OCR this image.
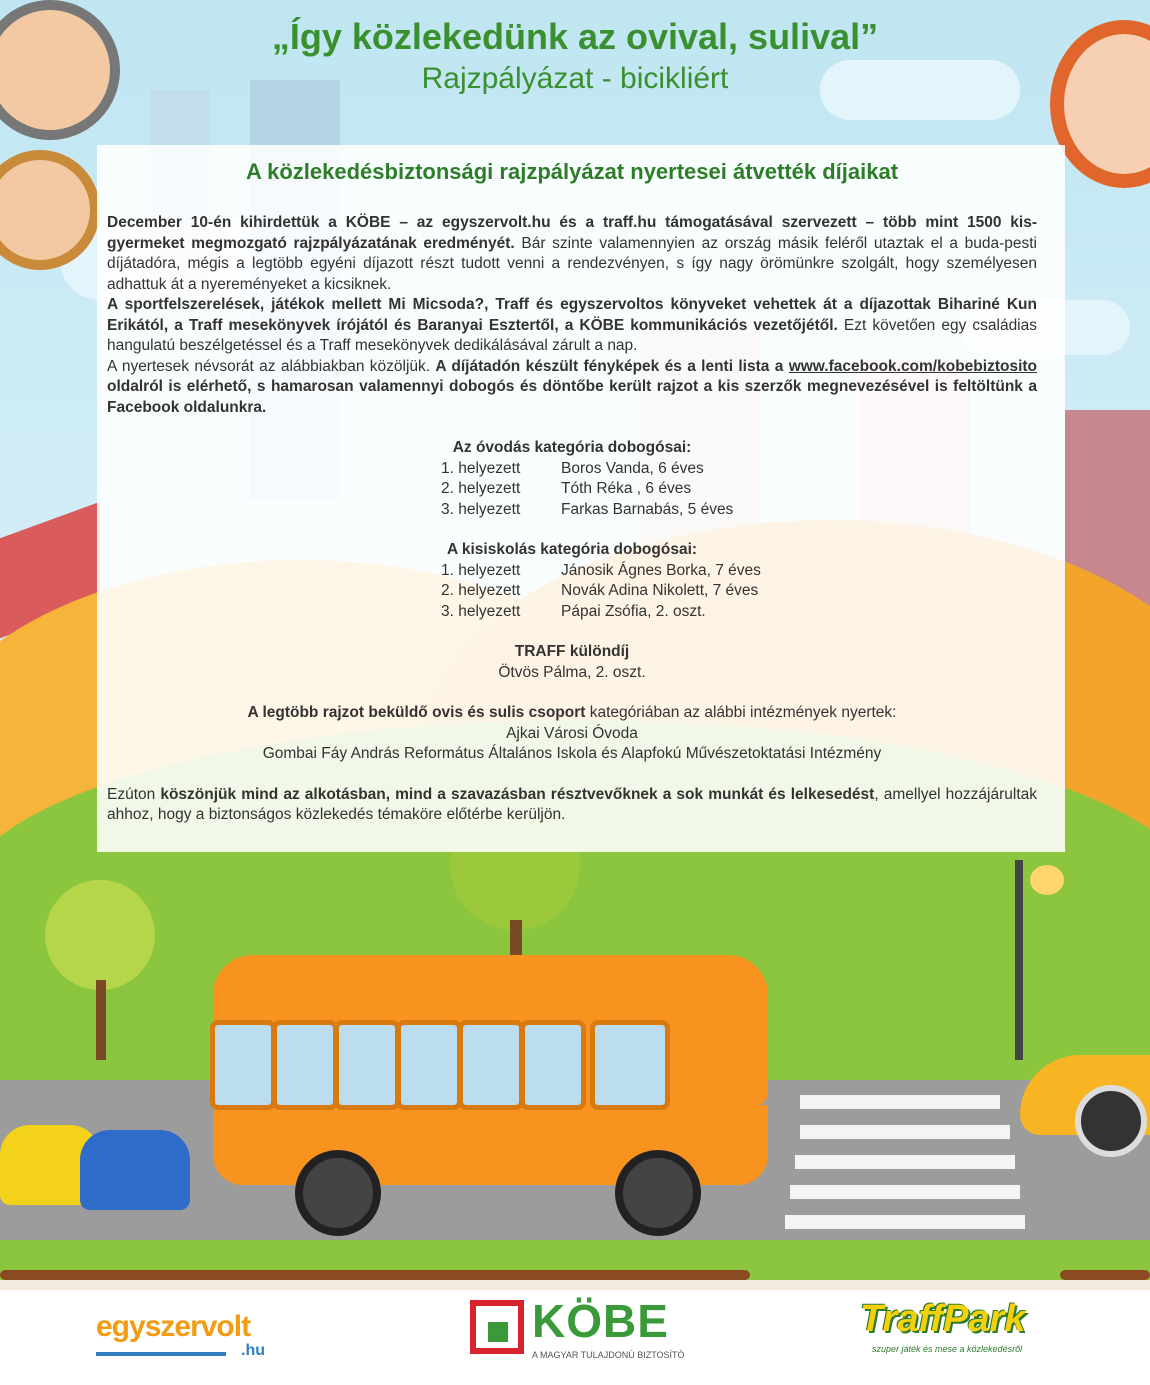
„Így közlekedünk az ovival, sulival”
Rajzpályázat - bicikliért
A közlekedésbiztonsági rajzpályázat nyertesei átvették díjaikat

December 10-én kihirdettük a KÖBE – az egyszervolt.hu és a traff.hu támogatásával szervezett – több mint 1500 kis-gyermeket megmozgató rajzpályázatának eredményét. Bár szinte valamennyien az ország másik feléről utaztak el a buda-pesti díjátadóra, mégis a legtöbb egyéni díjazott részt tudott venni a rendezvényen, s így nagy örömünkre szolgált, hogy személyesen adhattuk át a nyereményeket a kicsiknek.

A sportfelszerelések, játékok mellett Mi Micsoda?, Traff és egyszervoltos könyveket vehettek át a díjazottak Bihariné Kun Erikától, a Traff mesekönyvek írójától és Baranyai Esztertől, a KÖBE kommunikációs vezetőjétől. Ezt követően egy családias hangulatú beszélgetéssel és a Traff mesekönyvek dedikálásával zárult a nap.

A nyertesek névsorát az alábbiakban közöljük. A díjátadón készült fényképek és a lenti lista a www.facebook.com/kobebiztosito oldalról is elérhető, s hamarosan valamennyi dobogós és döntőbe került rajzot a kis szerzők megnevezésével is feltöltünk a Facebook oldalunkra.

Az óvodás kategória dobogósai:
1. helyezett	Boros Vanda, 6 éves
2. helyezett	Tóth Réka , 6 éves
3. helyezett	Farkas Barnabás, 5 éves
A kisiskolás kategória dobogósai:
1. helyezett	Jánosik Ágnes Borka, 7 éves
2. helyezett	Novák Adina Nikolett, 7 éves
3. helyezett	Pápai Zsófia, 2. oszt.
TRAFF különdíj
Ötvös Pálma, 2. oszt.
A legtöbb rajzot beküldő ovis és sulis csoport kategóriában az alábbi intézmények nyertek:
Ajkai Városi Óvoda
Gombai Fáy András Református Általános Iskola és Alapfokú Művészetoktatási Intézmény

Ezúton köszönjük mind az alkotásban, mind a szavazásban résztvevőknek a sok munkát és lelkesedést, amellyel hozzájárultak ahhoz, hogy a biztonságos közlekedés témaköre előtérbe kerüljön.

egyszervolt
.hu
KÖBE
A MAGYAR TULAJDONÚ BIZTOSÍTÓ
TraffPark
szuper játék és mese a közlekedésről
